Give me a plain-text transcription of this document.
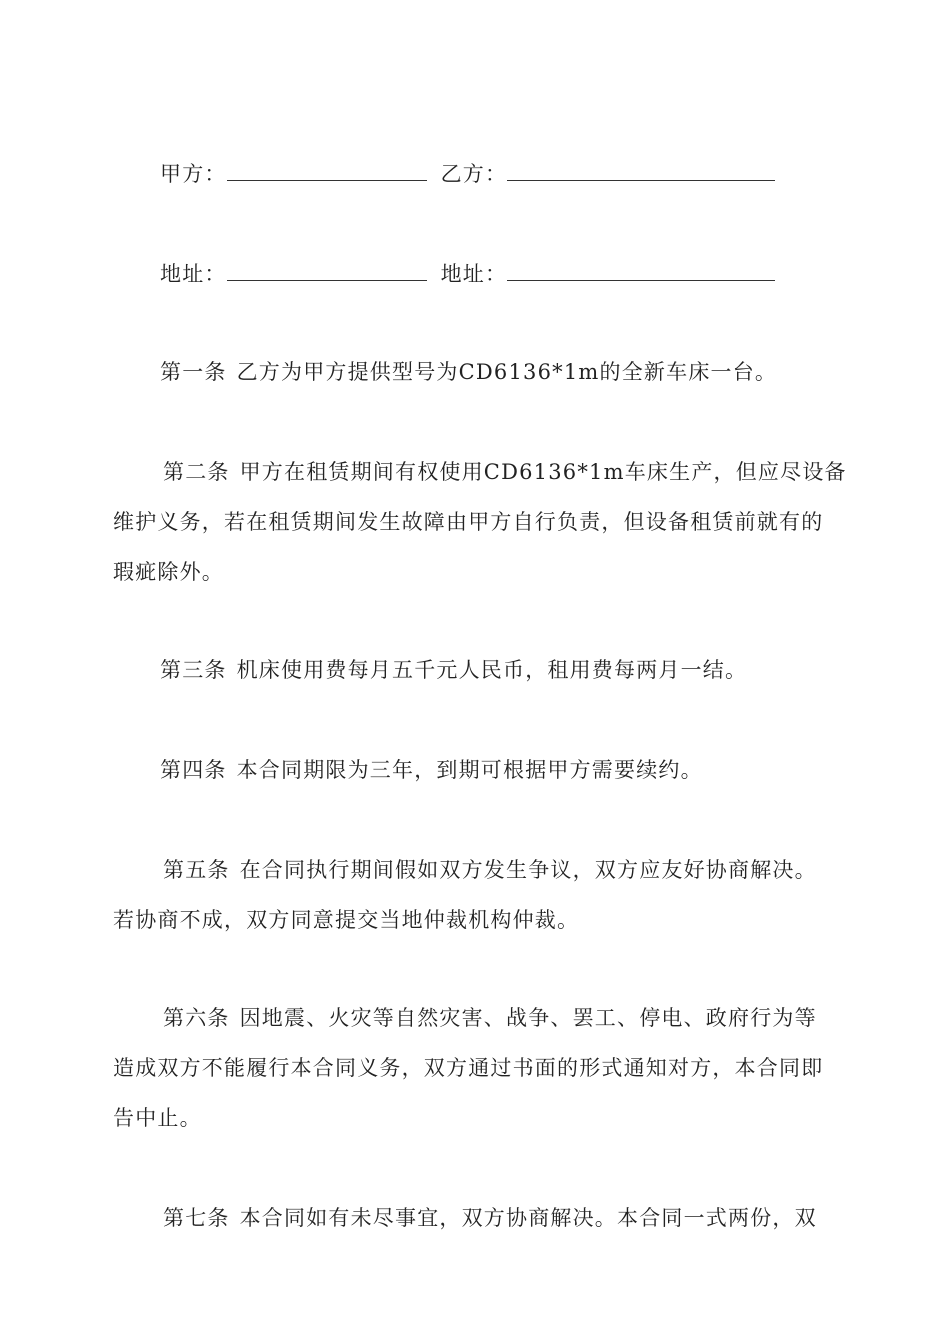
甲方：	乙方：
地址：	地址：
第一条 乙方为甲方提供型号为CD6136*1m的全新车床一台。
第二条 甲方在租赁期间有权使用CD6136*1m车床生产，但应尽设备
维护义务，若在租赁期间发生故障由甲方自行负责，但设备租赁前就有的
瑕疵除外。
第三条 机床使用费每月五千元人民币，租用费每两月一结。
第四条 本合同期限为三年，到期可根据甲方需要续约。
第五条 在合同执行期间假如双方发生争议，双方应友好协商解决。
若协商不成，双方同意提交当地仲裁机构仲裁。
第六条 因地震、火灾等自然灾害、战争、罢工、停电、政府行为等
造成双方不能履行本合同义务，双方通过书面的形式通知对方，本合同即
告中止。
第七条 本合同如有未尽事宜，双方协商解决。本合同一式两份，双
